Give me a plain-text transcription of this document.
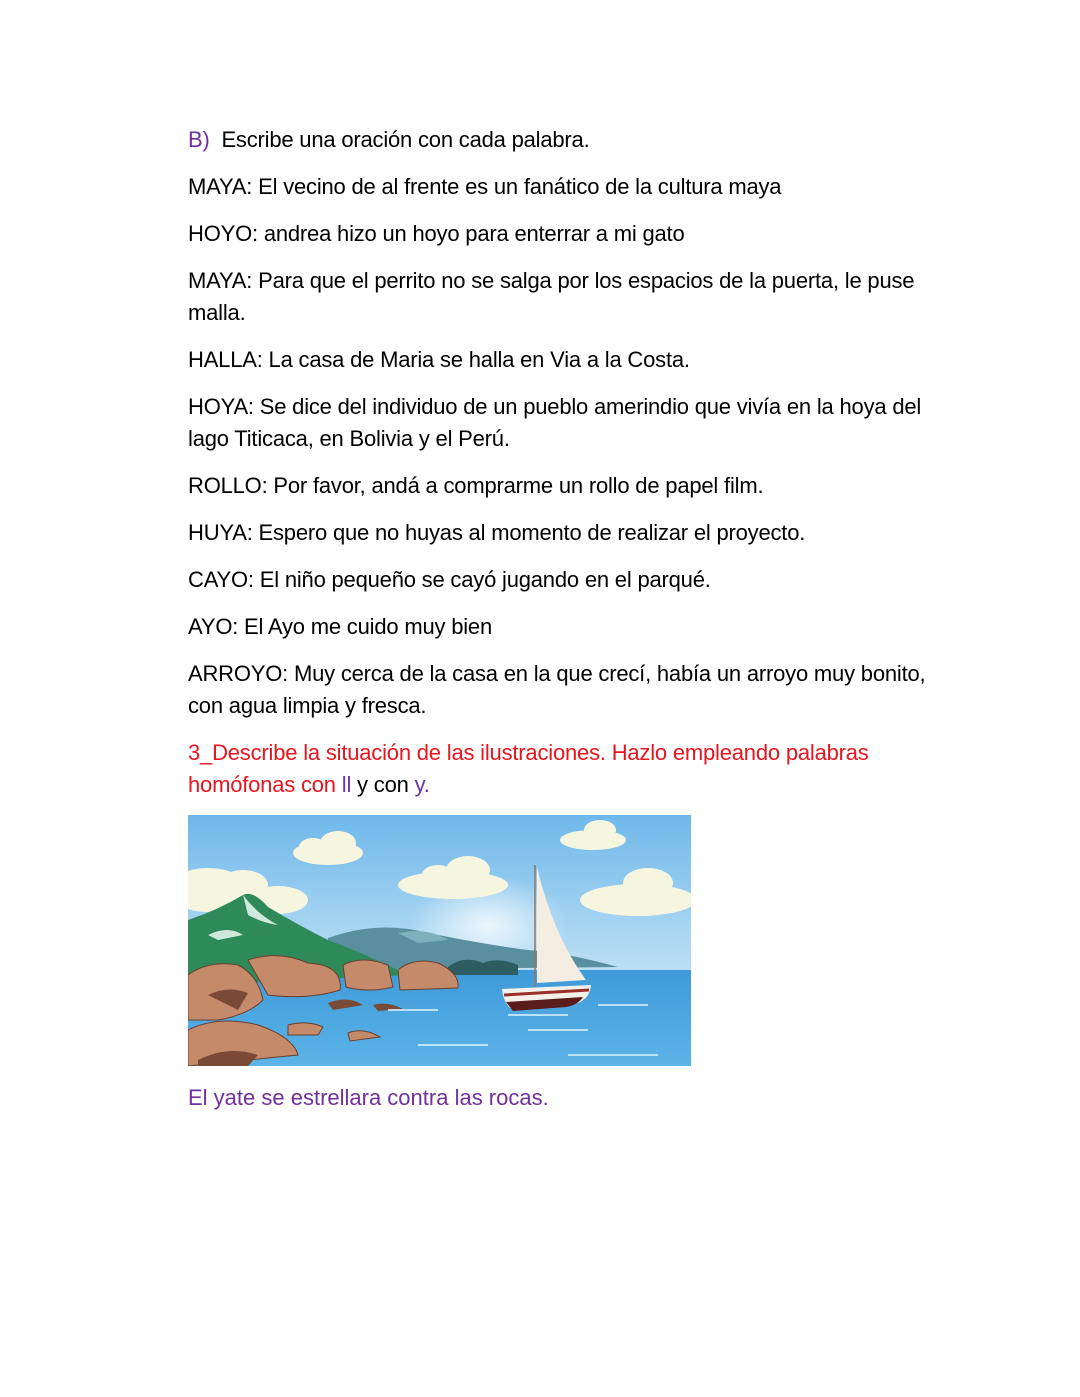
B) Escribe una oración con cada palabra.

MAYA: El vecino de al frente es un fanático de la cultura maya

HOYO: andrea hizo un hoyo para enterrar a mi gato

MAYA: Para que el perrito no se salga por los espacios de la puerta, le puse malla.

HALLA: La casa de Maria se halla en Via a la Costa.

HOYA: Se dice del individuo de un pueblo amerindio que vivía en la hoya del lago Titicaca, en Bolivia y el Perú.

ROLLO: Por favor, andá a comprarme un rollo de papel film.

HUYA: Espero que no huyas al momento de realizar el proyecto.

CAYO: El niño pequeño se cayó jugando en el parqué.

AYO: El Ayo me cuido muy bien

ARROYO: Muy cerca de la casa en la que crecí, había un arroyo muy bonito, con agua limpia y fresca.

3_Describe la situación de las ilustraciones. Hazlo empleando palabras homófonas con ll y con y.

El yate se estrellara contra las rocas.
